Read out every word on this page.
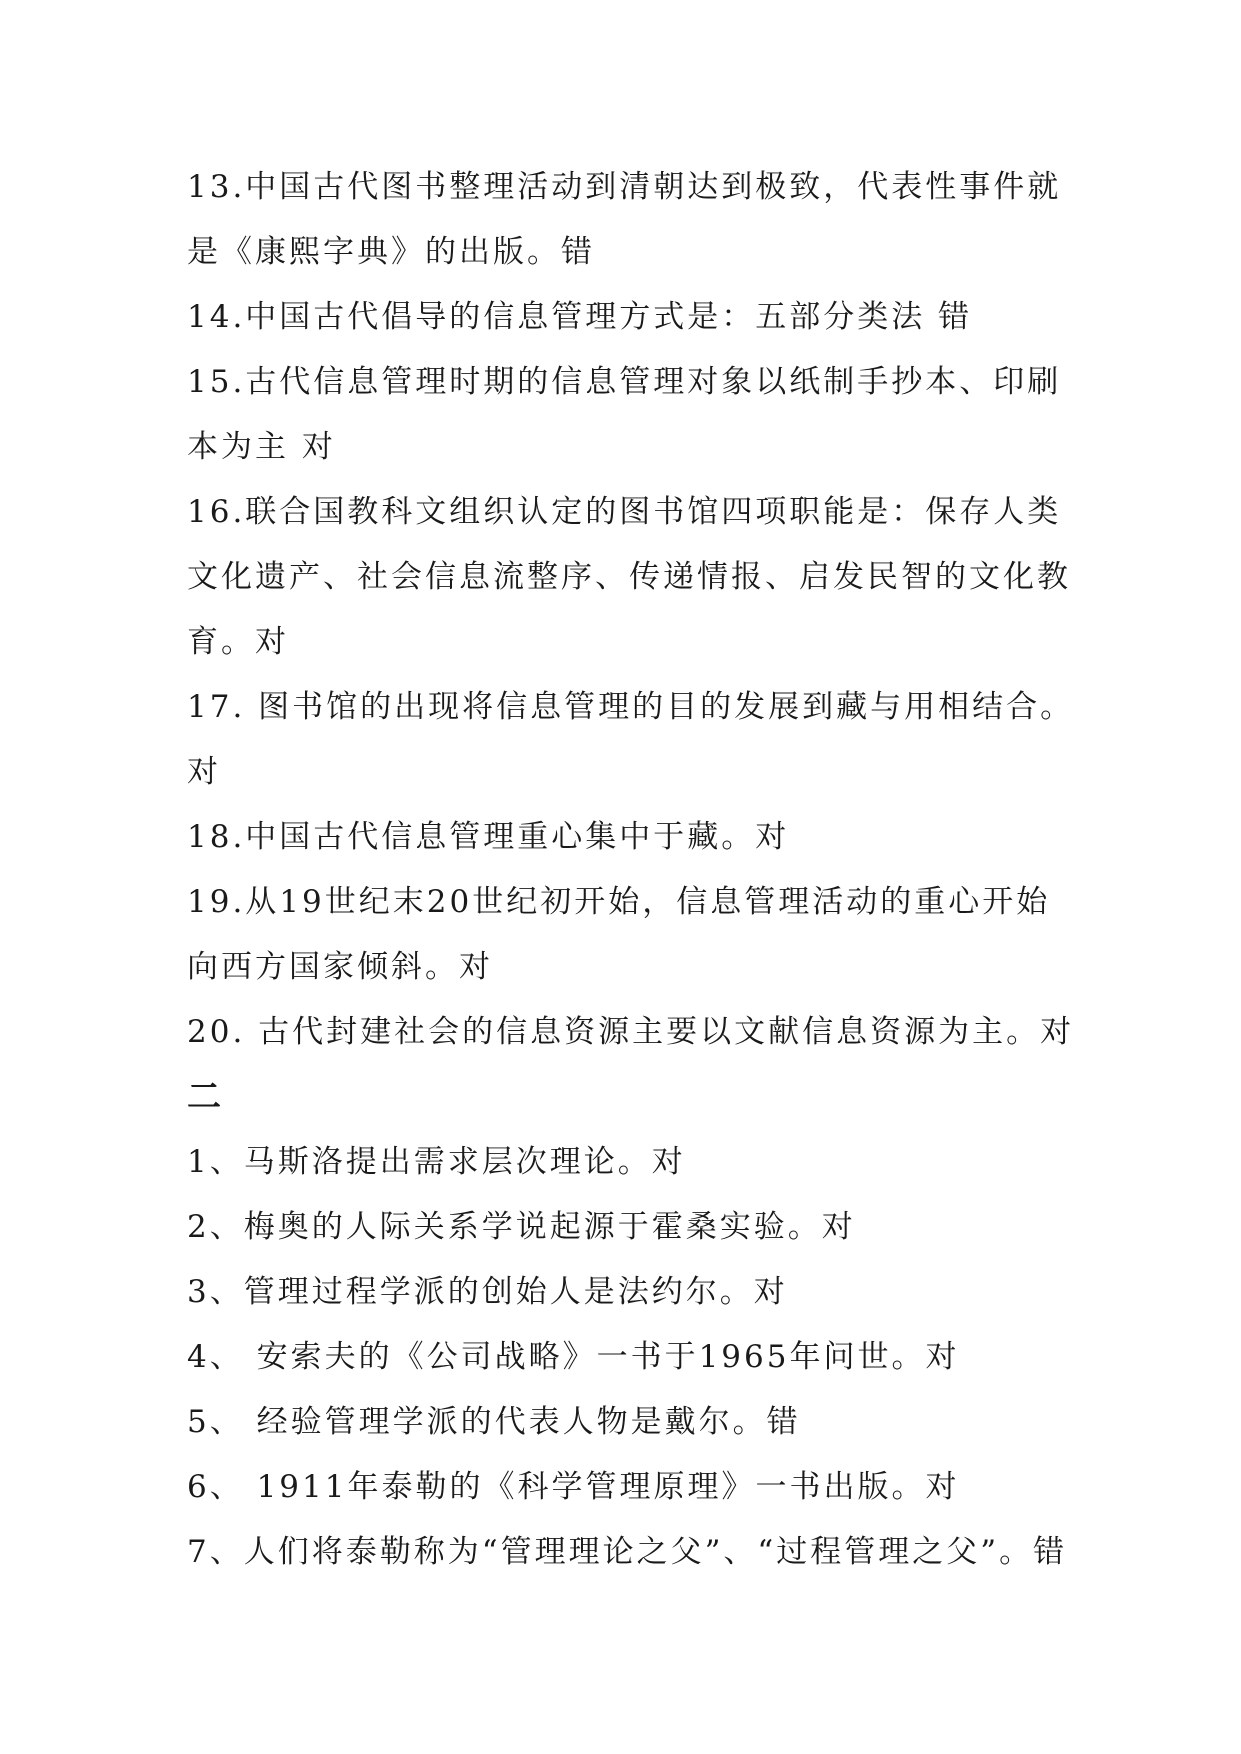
13.中国古代图书整理活动到清朝达到极致，代表性事件就
是《康熙字典》的出版。错
14.中国古代倡导的信息管理方式是：五部分类法 错
15.古代信息管理时期的信息管理对象以纸制手抄本、印刷
本为主 对
16.联合国教科文组织认定的图书馆四项职能是：保存人类
文化遗产、社会信息流整序、传递情报、启发民智的文化教
育。对
17. 图书馆的出现将信息管理的目的发展到藏与用相结合。
对
18.中国古代信息管理重心集中于藏。对
19.从19世纪末20世纪初开始，信息管理活动的重心开始
向西方国家倾斜。对
20. 古代封建社会的信息资源主要以文献信息资源为主。对
二
1、马斯洛提出需求层次理论。对
2、梅奥的人际关系学说起源于霍桑实验。对
3、管理过程学派的创始人是法约尔。对
4、 安索夫的《公司战略》一书于1965年问世。对
5、 经验管理学派的代表人物是戴尔。错
6、 1911年泰勒的《科学管理原理》一书出版。对
7、人们将泰勒称为“管理理论之父”、“过程管理之父”。错
